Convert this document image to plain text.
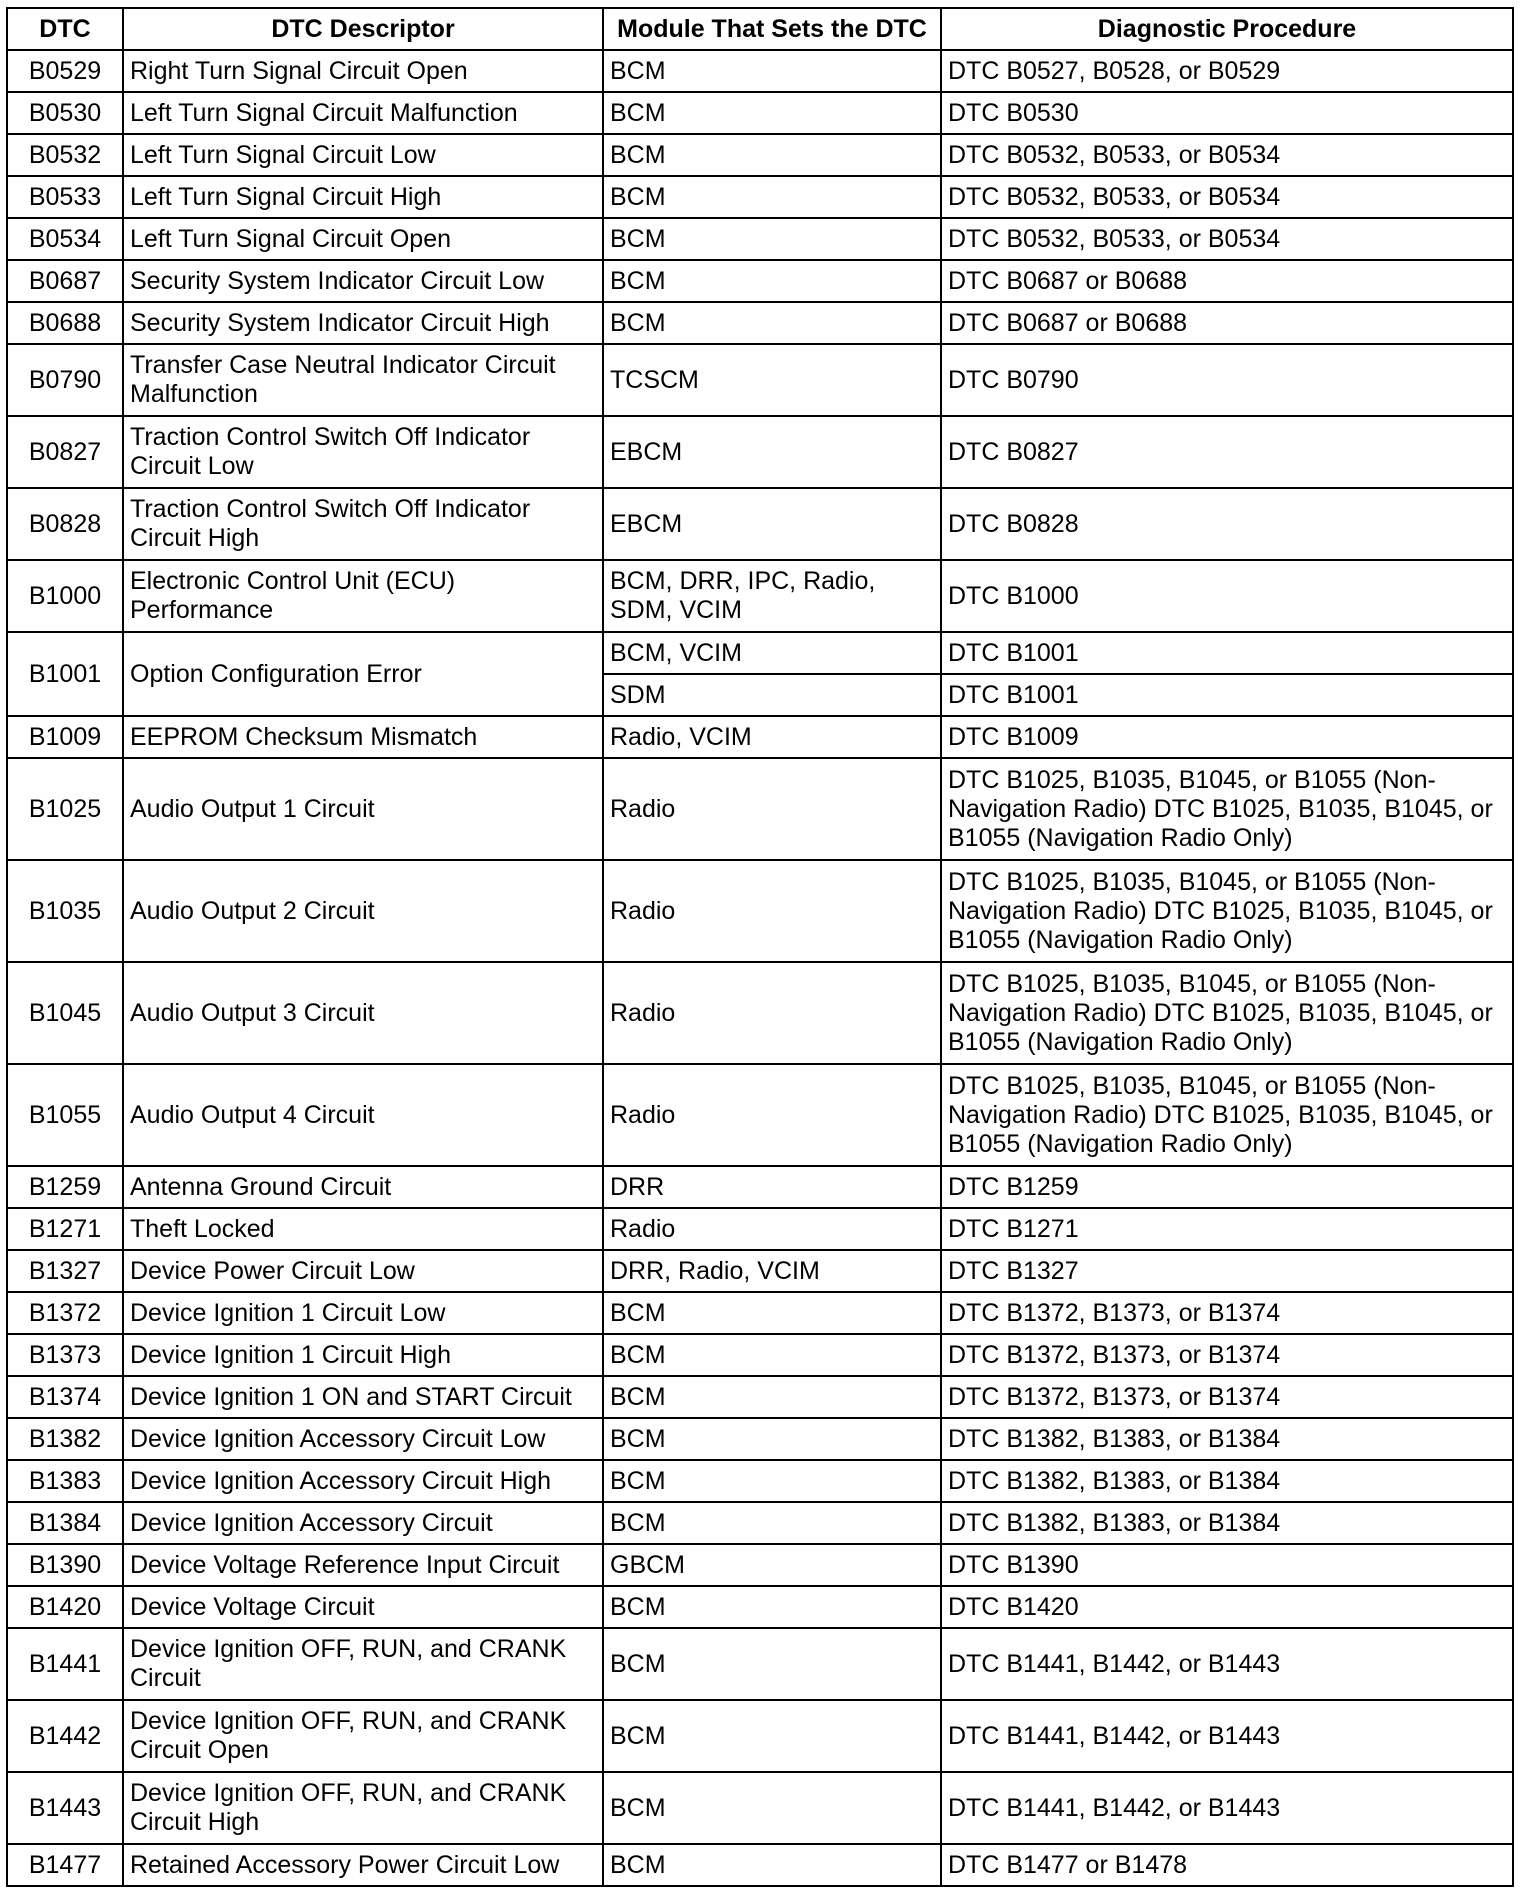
DTC	DTC Descriptor	Module That Sets the DTC	Diagnostic Procedure
B0529	Right Turn Signal Circuit Open	BCM	DTC B0527, B0528, or B0529
B0530	Left Turn Signal Circuit Malfunction	BCM	DTC B0530
B0532	Left Turn Signal Circuit Low	BCM	DTC B0532, B0533, or B0534
B0533	Left Turn Signal Circuit High	BCM	DTC B0532, B0533, or B0534
B0534	Left Turn Signal Circuit Open	BCM	DTC B0532, B0533, or B0534
B0687	Security System Indicator Circuit Low	BCM	DTC B0687 or B0688
B0688	Security System Indicator Circuit High	BCM	DTC B0687 or B0688
B0790	Transfer Case Neutral Indicator Circuit Malfunction	TCSCM	DTC B0790
B0827	Traction Control Switch Off Indicator Circuit Low	EBCM	DTC B0827
B0828	Traction Control Switch Off Indicator Circuit High	EBCM	DTC B0828
B1000	Electronic Control Unit (ECU) Performance	BCM, DRR, IPC, Radio, SDM, VCIM	DTC B1000
B1001	Option Configuration Error	BCM, VCIM	DTC B1001
		SDM	DTC B1001
B1009	EEPROM Checksum Mismatch	Radio, VCIM	DTC B1009
B1025	Audio Output 1 Circuit	Radio	DTC B1025, B1035, B1045, or B1055 (Non-Navigation Radio) DTC B1025, B1035, B1045, or B1055 (Navigation Radio Only)
B1035	Audio Output 2 Circuit	Radio	DTC B1025, B1035, B1045, or B1055 (Non-Navigation Radio) DTC B1025, B1035, B1045, or B1055 (Navigation Radio Only)
B1045	Audio Output 3 Circuit	Radio	DTC B1025, B1035, B1045, or B1055 (Non-Navigation Radio) DTC B1025, B1035, B1045, or B1055 (Navigation Radio Only)
B1055	Audio Output 4 Circuit	Radio	DTC B1025, B1035, B1045, or B1055 (Non-Navigation Radio) DTC B1025, B1035, B1045, or B1055 (Navigation Radio Only)
B1259	Antenna Ground Circuit	DRR	DTC B1259
B1271	Theft Locked	Radio	DTC B1271
B1327	Device Power Circuit Low	DRR, Radio, VCIM	DTC B1327
B1372	Device Ignition 1 Circuit Low	BCM	DTC B1372, B1373, or B1374
B1373	Device Ignition 1 Circuit High	BCM	DTC B1372, B1373, or B1374
B1374	Device Ignition 1 ON and START Circuit	BCM	DTC B1372, B1373, or B1374
B1382	Device Ignition Accessory Circuit Low	BCM	DTC B1382, B1383, or B1384
B1383	Device Ignition Accessory Circuit High	BCM	DTC B1382, B1383, or B1384
B1384	Device Ignition Accessory Circuit	BCM	DTC B1382, B1383, or B1384
B1390	Device Voltage Reference Input Circuit	GBCM	DTC B1390
B1420	Device Voltage Circuit	BCM	DTC B1420
B1441	Device Ignition OFF, RUN, and CRANK Circuit	BCM	DTC B1441, B1442, or B1443
B1442	Device Ignition OFF, RUN, and CRANK Circuit Open	BCM	DTC B1441, B1442, or B1443
B1443	Device Ignition OFF, RUN, and CRANK Circuit High	BCM	DTC B1441, B1442, or B1443
B1477	Retained Accessory Power Circuit Low	BCM	DTC B1477 or B1478
